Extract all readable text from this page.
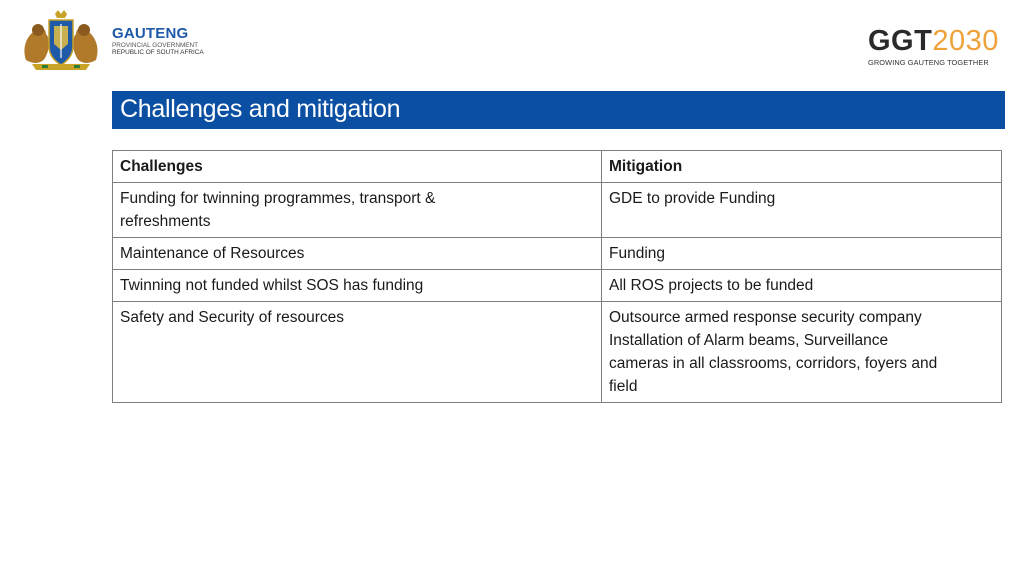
GAUTENG
PROVINCIAL GOVERNMENT
REPUBLIC OF SOUTH AFRICA	GGT2030
GROWING GAUTENG TOGETHER
Challenges and mitigation
Challenges	Mitigation

Funding for twinning programmes, transport &
refreshments	GDE to provide Funding

Maintenance of Resources	Funding

Twinning not funded whilst SOS has funding	All ROS projects to be funded

Safety and Security of resources	Outsource armed response security company
Installation of Alarm beams, Surveillance
cameras in all classrooms, corridors, foyers and
field
